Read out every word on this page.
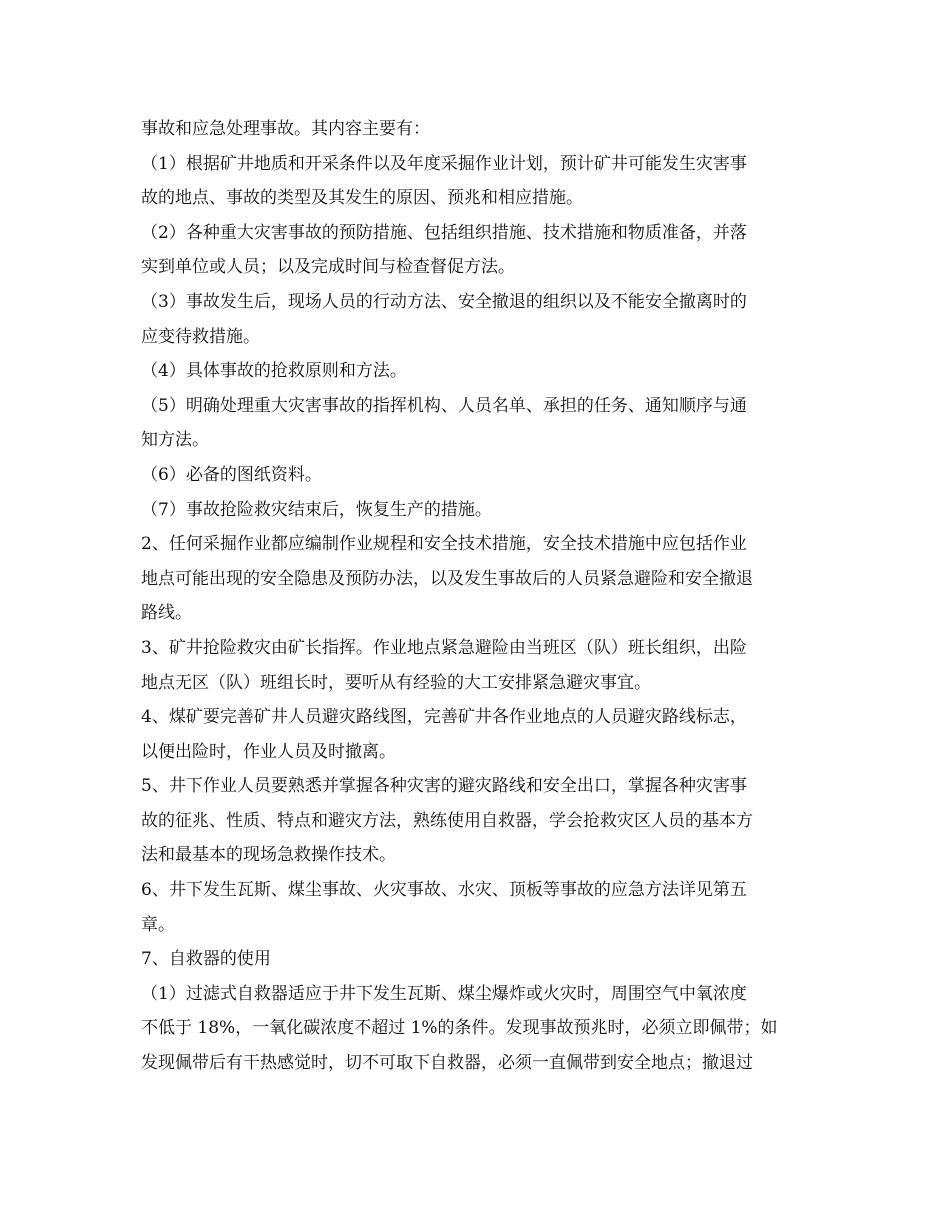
事故和应急处理事故。其内容主要有：
（1）根据矿井地质和开采条件以及年度采掘作业计划，预计矿井可能发生灾害事
故的地点、事故的类型及其发生的原因、预兆和相应措施。
（2）各种重大灾害事故的预防措施、包括组织措施、技术措施和物质准备，并落
实到单位或人员；以及完成时间与检查督促方法。
（3）事故发生后，现场人员的行动方法、安全撤退的组织以及不能安全撤离时的
应变待救措施。
（4）具体事故的抢救原则和方法。
（5）明确处理重大灾害事故的指挥机构、人员名单、承担的任务、通知顺序与通
知方法。
（6）必备的图纸资料。
（7）事故抢险救灾结束后，恢复生产的措施。
2、任何采掘作业都应编制作业规程和安全技术措施，安全技术措施中应包括作业
地点可能出现的安全隐患及预防办法，以及发生事故后的人员紧急避险和安全撤退
路线。
3、矿井抢险救灾由矿长指挥。作业地点紧急避险由当班区（队）班长组织，出险
地点无区（队）班组长时，要听从有经验的大工安排紧急避灾事宜。
4、煤矿要完善矿井人员避灾路线图，完善矿井各作业地点的人员避灾路线标志，
以便出险时，作业人员及时撤离。
5、井下作业人员要熟悉并掌握各种灾害的避灾路线和安全出口，掌握各种灾害事
故的征兆、性质、特点和避灾方法，熟练使用自救器，学会抢救灾区人员的基本方
法和最基本的现场急救操作技术。
6、井下发生瓦斯、煤尘事故、火灾事故、水灾、顶板等事故的应急方法详见第五
章。
7、自救器的使用
（1）过滤式自救器适应于井下发生瓦斯、煤尘爆炸或火灾时，周围空气中氧浓度
不低于 18%，一氧化碳浓度不超过 1%的条件。发现事故预兆时，必须立即佩带；如
发现佩带后有干热感觉时，切不可取下自救器，必须一直佩带到安全地点；撤退过
